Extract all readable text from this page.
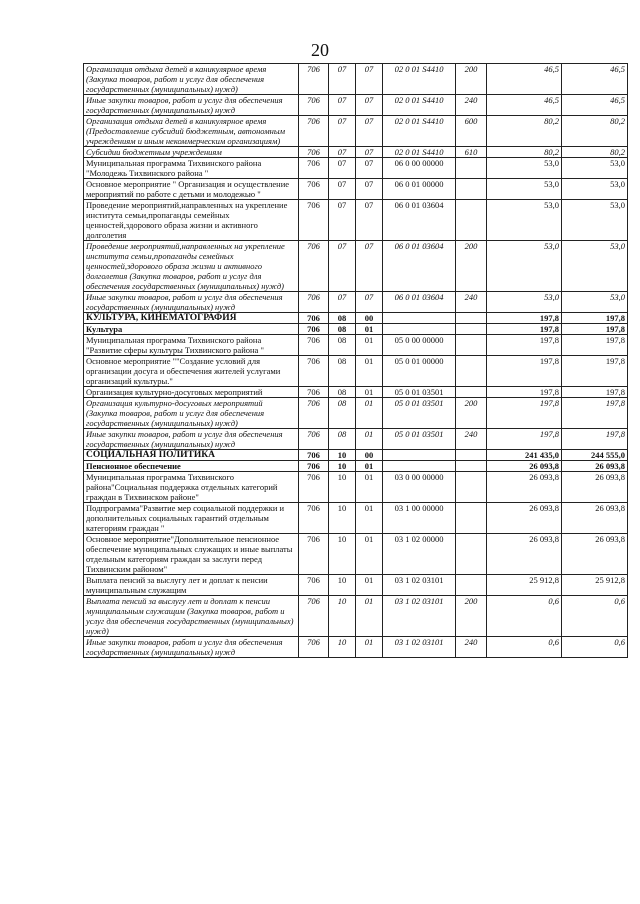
20
Организация отдыха детей в каникулярное время (Закупка товаров, работ и услуг для обеспечения государственных (муниципальных) нужд)	706	07	07	02 0 01 S4410	200	46,5	46,5
Иные закупки товаров, работ и услуг для обеспечения государственных (муниципальных) нужд	706	07	07	02 0 01 S4410	240	46,5	46,5
Организация отдыха детей в каникулярное время (Предоставление субсидий бюджетным, автономным учреждениям и иным некоммерческим организациям)	706	07	07	02 0 01 S4410	600	80,2	80,2
Субсидии бюджетным учреждениям	706	07	07	02 0 01 S4410	610	80,2	80,2
Муниципальная программа Тихвинского района "Молодежь Тихвинского района "	706	07	07	06 0 00 00000		53,0	53,0
Основное мероприятие " Организация и осуществление мероприятий по работе с детьми и молодежью "	706	07	07	06 0 01 00000		53,0	53,0
Проведение мероприятий,направленных на укрепление института семьи,пропаганды семейных ценностей,здорового образа жизни и активного долголетия	706	07	07	06 0 01 03604		53,0	53,0
Проведение мероприятий,направленных на укрепление института семьи,пропаганды семейных ценностей,здорового образа жизни и активного долголетия (Закупка товаров, работ и услуг для обеспечения государственных (муниципальных) нужд)	706	07	07	06 0 01 03604	200	53,0	53,0
Иные закупки товаров, работ и услуг для обеспечения государственных (муниципальных) нужд	706	07	07	06 0 01 03604	240	53,0	53,0
КУЛЬТУРА, КИНЕМАТОГРАФИЯ	706	08	00			197,8	197,8
Культура	706	08	01			197,8	197,8
Муниципальная программа Тихвинского района "Развитие сферы культуры Тихвинского района "	706	08	01	05 0 00 00000		197,8	197,8
Основное мероприятие ""Создание условий для организации досуга и обеспечения жителей услугами организаций культуры."	706	08	01	05 0 01 00000		197,8	197,8
Организация культурно-досуговых мероприятий	706	08	01	05 0 01 03501		197,8	197,8
Организация культурно-досуговых мероприятий (Закупка товаров, работ и услуг для обеспечения государственных (муниципальных) нужд)	706	08	01	05 0 01 03501	200	197,8	197,8
Иные закупки товаров, работ и услуг для обеспечения государственных (муниципальных) нужд	706	08	01	05 0 01 03501	240	197,8	197,8
СОЦИАЛЬНАЯ ПОЛИТИКА	706	10	00			241 435,0	244 555,0
Пенсионное обеспечение	706	10	01			26 093,8	26 093,8
Муниципальная программа Тихвинского района"Социальная поддержка отдельных категорий граждан в Тихвинском районе"	706	10	01	03 0 00 00000		26 093,8	26 093,8
Подпрограмма"Развитие мер социальной поддержки и дополнительных социальных гарантий отдельным категориям граждан "	706	10	01	03 1 00 00000		26 093,8	26 093,8
Основное мероприятие"Дополнительное пенсионное обеспечение муниципальных служащих и иные выплаты отдельным категориям граждан за заслуги перед Тихвинским районом"	706	10	01	03 1 02 00000		26 093,8	26 093,8
Выплата пенсий за выслугу лет и доплат к пенсии муниципальным служащим	706	10	01	03 1 02 03101		25 912,8	25 912,8
Выплата пенсий за выслугу лет и доплат к пенсии муниципальным служащим (Закупка товаров, работ и услуг для обеспечения государственных (муниципальных) нужд)	706	10	01	03 1 02 03101	200	0,6	0,6
Иные закупки товаров, работ и услуг для обеспечения государственных (муниципальных) нужд	706	10	01	03 1 02 03101	240	0,6	0,6
